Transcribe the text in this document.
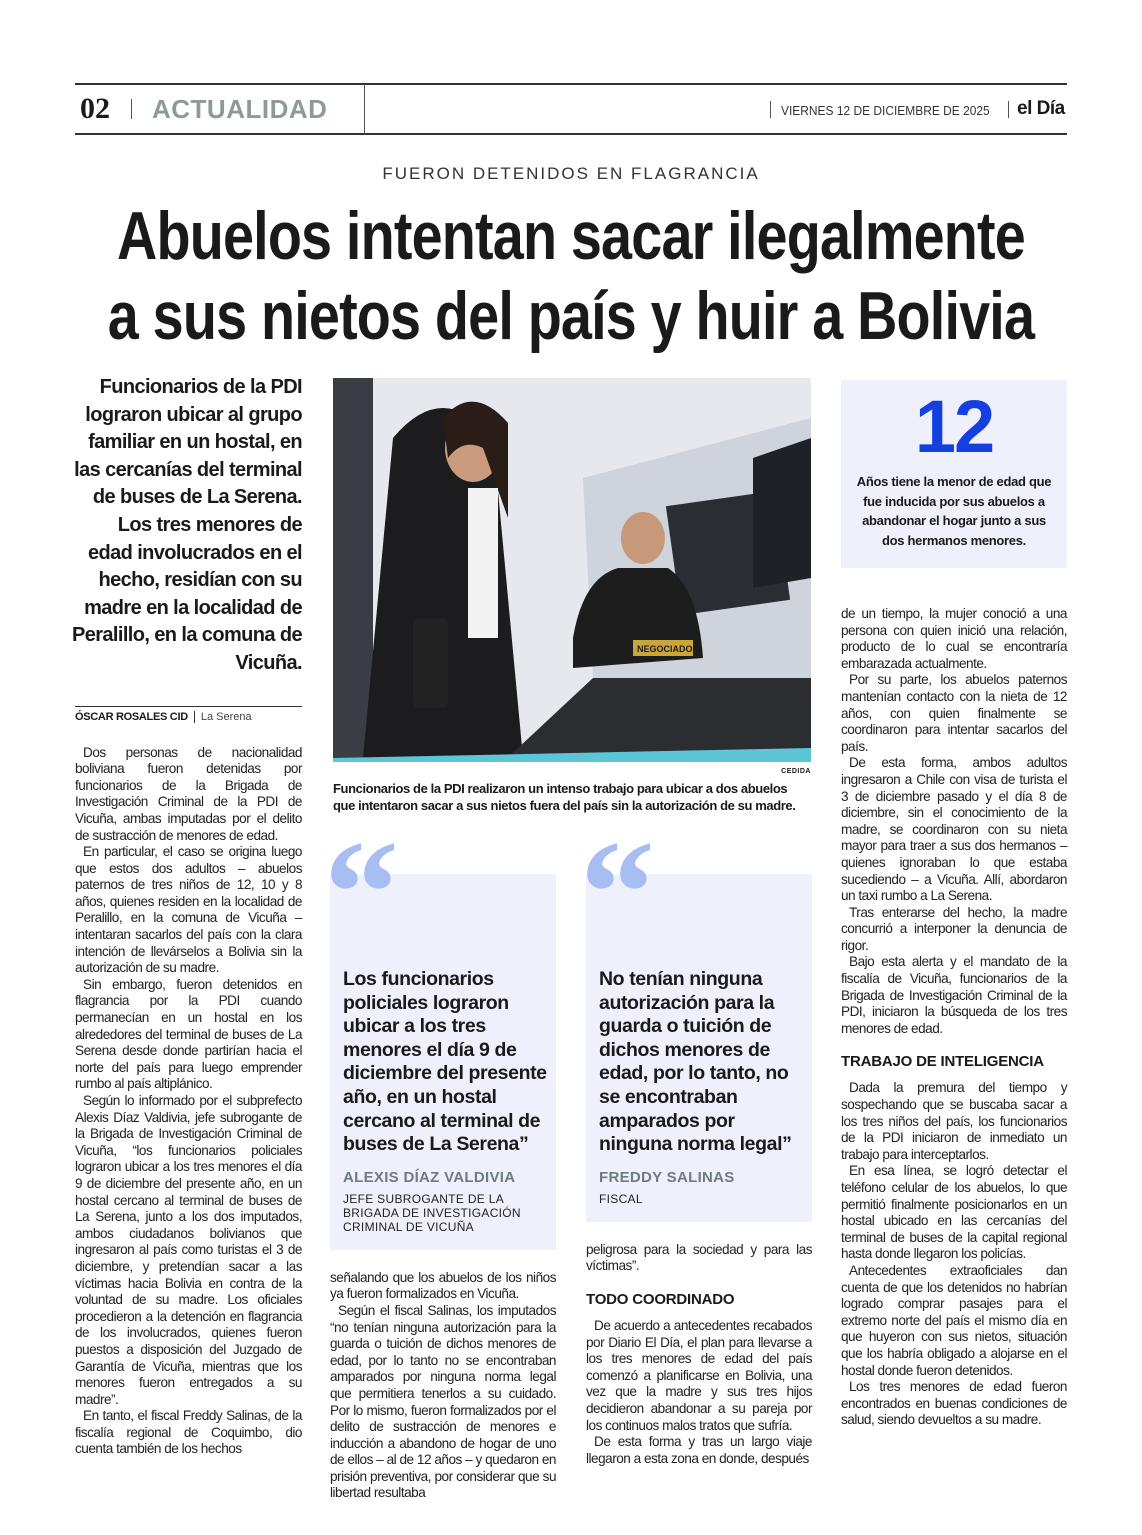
02 ACTUALIDAD	VIERNES 12 DE DICIEMBRE DE 2025 el Día
FUERON DETENIDOS EN FLAGRANCIA
Abuelos intentan sacar ilegalmente
a sus nietos del país y huir a Bolivia
Funcionarios de la PDI lograron ubicar al grupo familiar en un hostal, en las cercanías del terminal de buses de La Serena. Los tres menores de edad involucrados en el hecho, residían con su madre en la localidad de Peralillo, en la comuna de Vicuña.
ÓSCAR ROSALES CID La Serena

Dos personas de nacionalidad boliviana fueron detenidas por funcionarios de la Brigada de Investigación Criminal de la PDI de Vicuña, ambas imputadas por el delito de sustracción de menores de edad.

En particular, el caso se origina luego que estos dos adultos – abuelos paternos de tres niños de 12, 10 y 8 años, quienes residen en la localidad de Peralillo, en la comuna de Vicuña – intentaran sacarlos del país con la clara intención de llevárselos a Bolivia sin la autorización de su madre.

Sin embargo, fueron detenidos en flagrancia por la PDI cuando permanecían en un hostal en los alrededores del terminal de buses de La Serena desde donde partirían hacia el norte del país para luego emprender rumbo al país altiplánico.

Según lo informado por el subprefecto Alexis Díaz Valdivia, jefe subrogante de la Brigada de Investigación Criminal de Vicuña, “los funcionarios policiales lograron ubicar a los tres menores el día 9 de diciembre del presente año, en un hostal cercano al terminal de buses de La Serena, junto a los dos imputados, ambos ciudadanos bolivianos que ingresaron al país como turistas el 3 de diciembre, y pretendían sacar a las víctimas hacia Bolivia en contra de la voluntad de su madre. Los oficiales procedieron a la detención en flagrancia de los involucrados, quienes fueron puestos a disposición del Juzgado de Garantía de Vicuña, mientras que los menores fueron entregados a su madre”.

En tanto, el fiscal Freddy Salinas, de la fiscalía regional de Coquimbo, dio cuenta también de los hechos

NEGOCIADOR
CEDIDA
Funcionarios de la PDI realizaron un intenso trabajo para ubicar a dos abuelos que intentaron sacar a sus nietos fuera del país sin la autorización de su madre.
“
Los funcionarios policiales lograron ubicar a los tres menores el día 9 de diciembre del presente año, en un hostal cercano al terminal de buses de La Serena”
ALEXIS DÍAZ VALDIVIA
JEFE SUBROGANTE DE LA BRIGADA DE INVESTIGACIÓN CRIMINAL DE VICUÑA

señalando que los abuelos de los niños ya fueron formalizados en Vicuña.

Según el fiscal Salinas, los imputados “no tenían ninguna autorización para la guarda o tuición de dichos menores de edad, por lo tanto no se encontraban amparados por ninguna norma legal que permitiera tenerlos a su cuidado. Por lo mismo, fueron formalizados por el delito de sustracción de menores e inducción a abandono de hogar de uno de ellos – al de 12 años – y quedaron en prisión preventiva, por considerar que su libertad resultaba

“
No tenían ninguna autorización para la guarda o tuición de dichos menores de edad, por lo tanto, no se encontraban amparados por ninguna norma legal”
FREDDY SALINAS
FISCAL

peligrosa para la sociedad y para las víctimas”.

TODO COORDINADO

De acuerdo a antecedentes recabados por Diario El Día, el plan para llevarse a los tres menores de edad del país comenzó a planificarse en Bolivia, una vez que la madre y sus tres hijos decidieron abandonar a su pareja por los continuos malos tratos que sufría.

De esta forma y tras un largo viaje llegaron a esta zona en donde, después

12
Años tiene la menor de edad que fue inducida por sus abuelos a abandonar el hogar junto a sus dos hermanos menores.

de un tiempo, la mujer conoció a una persona con quien inició una relación, producto de lo cual se encontraría embarazada actualmente.

Por su parte, los abuelos paternos mantenían contacto con la nieta de 12 años, con quien finalmente se coordinaron para intentar sacarlos del país.

De esta forma, ambos adultos ingresaron a Chile con visa de turista el 3 de diciembre pasado y el día 8 de diciembre, sin el conocimiento de la madre, se coordinaron con su nieta mayor para traer a sus dos hermanos – quienes ignoraban lo que estaba sucediendo – a Vicuña. Allí, abordaron un taxi rumbo a La Serena.

Tras enterarse del hecho, la madre concurrió a interponer la denuncia de rigor.

Bajo esta alerta y el mandato de la fiscalía de Vicuña, funcionarios de la Brigada de Investigación Criminal de la PDI, iniciaron la búsqueda de los tres menores de edad.

TRABAJO DE INTELIGENCIA

Dada la premura del tiempo y sospechando que se buscaba sacar a los tres niños del país, los funcionarios de la PDI iniciaron de inmediato un trabajo para interceptarlos.

En esa línea, se logró detectar el teléfono celular de los abuelos, lo que permitió finalmente posicionarlos en un hostal ubicado en las cercanías del terminal de buses de la capital regional hasta donde llegaron los policías.

Antecedentes extraoficiales dan cuenta de que los detenidos no habrían logrado comprar pasajes para el extremo norte del país el mismo día en que huyeron con sus nietos, situación que los habría obligado a alojarse en el hostal donde fueron detenidos.

Los tres menores de edad fueron encontrados en buenas condiciones de salud, siendo devueltos a su madre.
